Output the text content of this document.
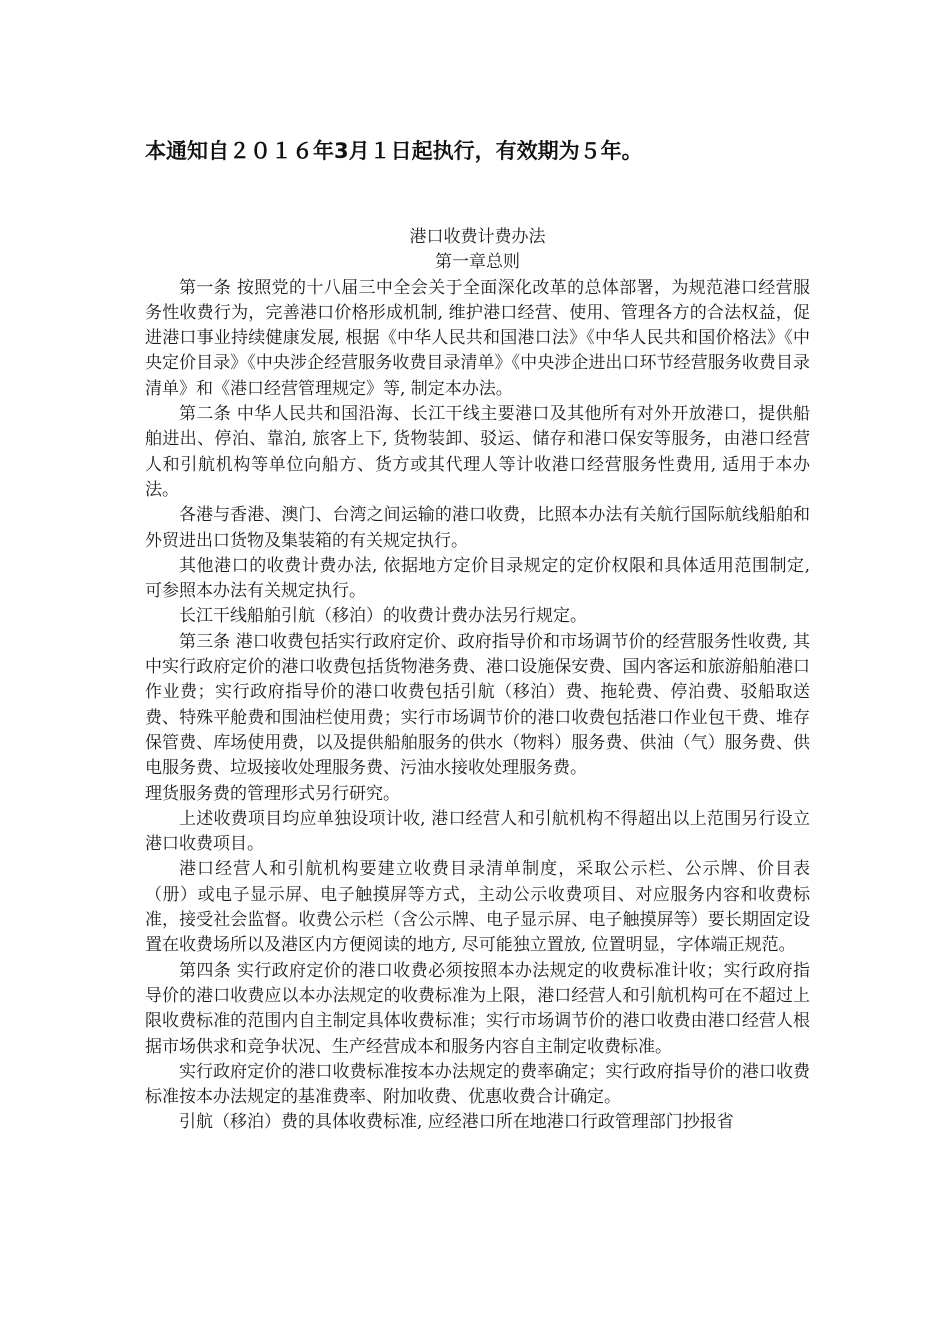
本通知自２０１６年3月１日起执行，有效期为５年。

港口收费计费办法

第一章总则

第一条 按照党的十八届三中全会关于全面深化改革的总体部署，为规范港口经营服务性收费行为，完善港口价格形成机制, 维护港口经营、使用、管理各方的合法权益，促进港口事业持续健康发展, 根据《中华人民共和国港口法》《中华人民共和国价格法》《中央定价目录》《中央涉企经营服务收费目录清单》《中央涉企进出口环节经营服务收费目录清单》和《港口经营管理规定》等, 制定本办法。

第二条 中华人民共和国沿海、长江干线主要港口及其他所有对外开放港口，提供船舶进出、停泊、靠泊, 旅客上下, 货物装卸、驳运、储存和港口保安等服务，由港口经营人和引航机构等单位向船方、货方或其代理人等计收港口经营服务性费用, 适用于本办法。

各港与香港、澳门、台湾之间运输的港口收费，比照本办法有关航行国际航线船舶和外贸进出口货物及集装箱的有关规定执行。

其他港口的收费计费办法, 依据地方定价目录规定的定价权限和具体适用范围制定, 可参照本办法有关规定执行。

长江干线船舶引航（移泊）的收费计费办法另行规定。

第三条 港口收费包括实行政府定价、政府指导价和市场调节价的经营服务性收费, 其中实行政府定价的港口收费包括货物港务费、港口设施保安费、国内客运和旅游船舶港口作业费；实行政府指导价的港口收费包括引航（移泊）费、拖轮费、停泊费、驳船取送费、特殊平舱费和围油栏使用费；实行市场调节价的港口收费包括港口作业包干费、堆存保管费、库场使用费，以及提供船舶服务的供水（物料）服务费、供油（气）服务费、供电服务费、垃圾接收处理服务费、污油水接收处理服务费。

理货服务费的管理形式另行研究。

上述收费项目均应单独设项计收, 港口经营人和引航机构不得超出以上范围另行设立港口收费项目。

港口经营人和引航机构要建立收费目录清单制度，采取公示栏、公示牌、价目表（册）或电子显示屏、电子触摸屏等方式，主动公示收费项目、对应服务内容和收费标准，接受社会监督。收费公示栏（含公示牌、电子显示屏、电子触摸屏等）要长期固定设置在收费场所以及港区内方便阅读的地方, 尽可能独立置放, 位置明显，字体端正规范。

第四条 实行政府定价的港口收费必须按照本办法规定的收费标准计收；实行政府指导价的港口收费应以本办法规定的收费标准为上限，港口经营人和引航机构可在不超过上限收费标准的范围内自主制定具体收费标准；实行市场调节价的港口收费由港口经营人根据市场供求和竞争状况、生产经营成本和服务内容自主制定收费标准。

实行政府定价的港口收费标准按本办法规定的费率确定；实行政府指导价的港口收费标准按本办法规定的基准费率、附加收费、优惠收费合计确定。

引航（移泊）费的具体收费标准, 应经港口所在地港口行政管理部门抄报省
